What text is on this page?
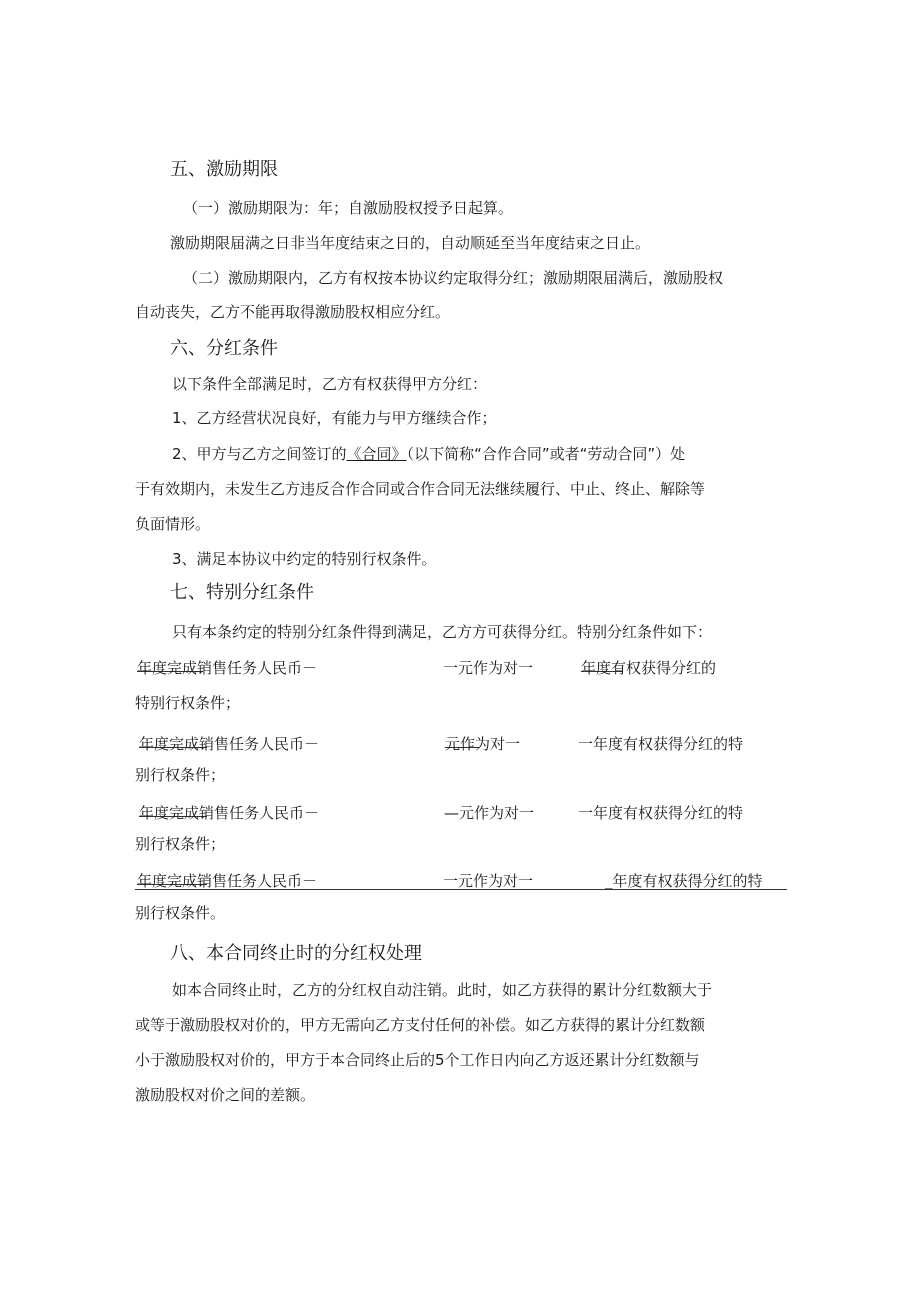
五、激励期限
（一）激励期限为：年；自激励股权授予日起算。
激励期限届满之日非当年度结束之日的，自动顺延至当年度结束之日止。
（二）激励期限内，乙方有权按本协议约定取得分红；激励期限届满后，激励股权
自动丧失，乙方不能再取得激励股权相应分红。
六、分红条件
以下条件全部满足时，乙方有权获得甲方分红：
1、乙方经营状况良好，有能力与甲方继续合作；
2、甲方与乙方之间签订的《合同》（以下简称“合作合同”或者“劳动合同”）处
于有效期内，未发生乙方违反合作合同或合作合同无法继续履行、中止、终止、解除等
负面情形。
3、满足本协议中约定的特别行权条件。
七、特别分红条件
只有本条约定的特别分红条件得到满足，乙方方可获得分红。特别分红条件如下：
年度完成销售任务人民币－	一元作为对一	年度有权获得分红的
特别行权条件；
年度完成销售任务人民币－	元作为对一	一年度有权获得分红的特
别行权条件；
年度完成销售任务人民币－	—元作为对一	一年度有权获得分红的特
别行权条件；
年度完成销售任务人民币－	一元作为对一	_年度有权获得分红的特
别行权条件。
八、本合同终止时的分红权处理
如本合同终止时，乙方的分红权自动注销。此时，如乙方获得的累计分红数额大于
或等于激励股权对价的，甲方无需向乙方支付任何的补偿。如乙方获得的累计分红数额
小于激励股权对价的，甲方于本合同终止后的5个工作日内向乙方返还累计分红数额与
激励股权对价之间的差额。
